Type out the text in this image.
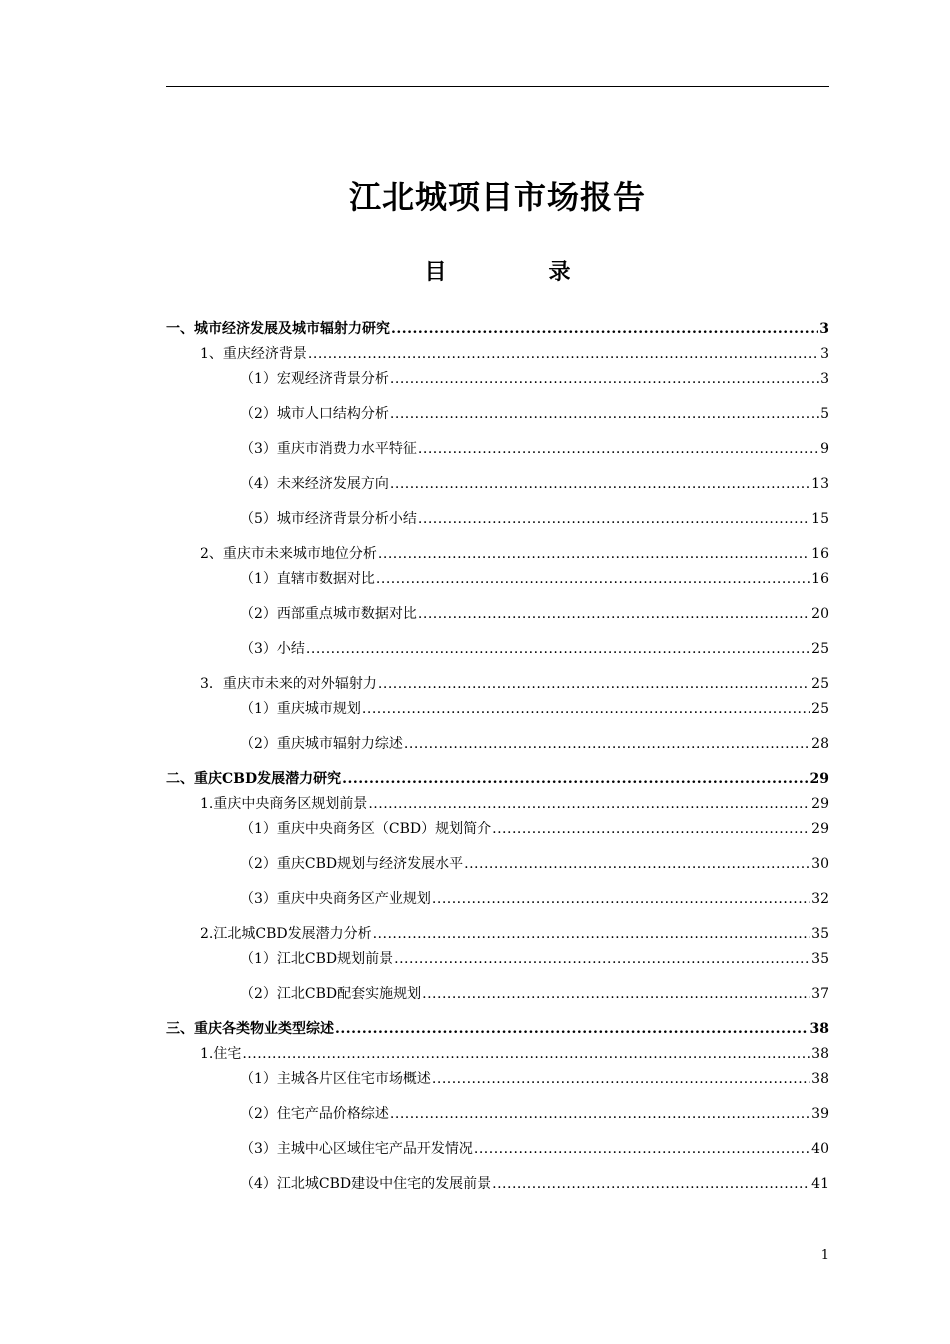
江北城项目市场报告
目　录
一、城市经济发展及城市辐射力研究 .....	3
1、重庆经济背景 .....	3
（1）宏观经济背景分析 .....	3
（2）城市人口结构分析 .....	5
（3）重庆市消费力水平特征 .....	9
（4）未来经济发展方向 .....	13
（5）城市经济背景分析小结 .....	15
2、重庆市未来城市地位分析 .....	16
（1）直辖市数据对比 .....	16
（2）西部重点城市数据对比 .....	20
（3）小结 .....	25
3．重庆市未来的对外辐射力 .....	25
（1）重庆城市规划 .....	25
（2）重庆城市辐射力综述 .....	28
二、重庆CBD发展潜力研究 .....	29
1.重庆中央商务区规划前景 .....	29
（1）重庆中央商务区（CBD）规划简介 .....	29
（2）重庆CBD规划与经济发展水平 .....	30
（3）重庆中央商务区产业规划 .....	32
2.江北城CBD发展潜力分析 .....	35
（1）江北CBD规划前景 .....	35
（2）江北CBD配套实施规划 .....	37
三、重庆各类物业类型综述 .....	38
1.住宅 .....	38
（1）主城各片区住宅市场概述 .....	38
（2）住宅产品价格综述 .....	39
（3）主城中心区域住宅产品开发情况 .....	40
（4）江北城CBD建设中住宅的发展前景 .....	41
1
